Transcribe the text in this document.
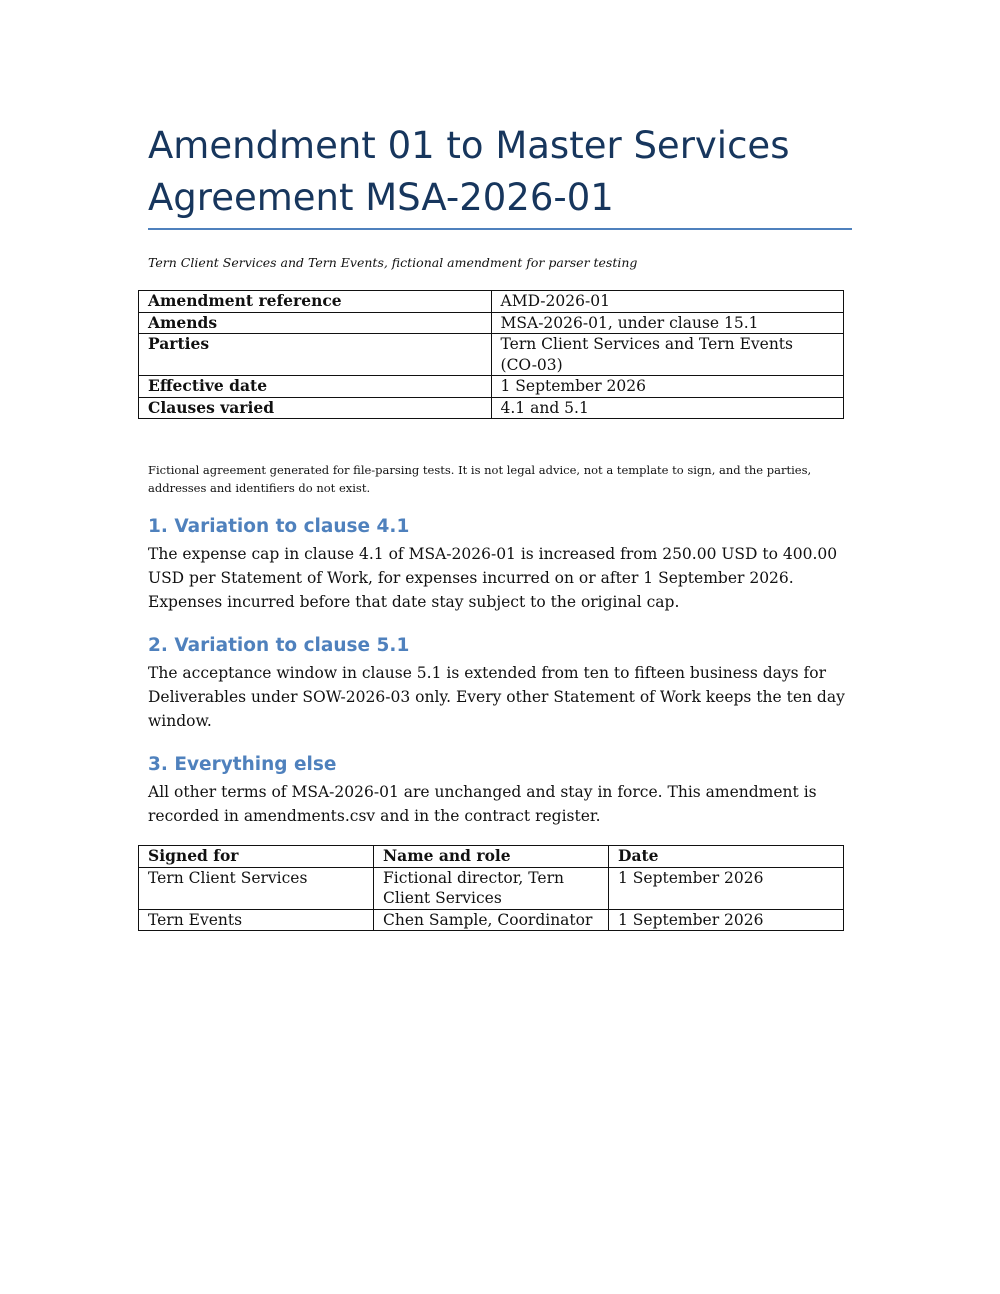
Amendment 01 to Master Services Agreement MSA-2026-01
Tern Client Services and Tern Events, fictional amendment for parser testing
Amendment reference	AMD-2026-01
Amends	MSA-2026-01, under clause 15.1
Parties	Tern Client Services and Tern Events (CO-03)
Effective date	1 September 2026
Clauses varied	4.1 and 5.1
Fictional agreement generated for file-parsing tests. It is not legal advice, not a template to sign, and the parties, addresses and identifiers do not exist.
1. Variation to clause 4.1

The expense cap in clause 4.1 of MSA-2026-01 is increased from 250.00 USD to 400.00 USD per Statement of Work, for expenses incurred on or after 1 September 2026. Expenses incurred before that date stay subject to the original cap.

2. Variation to clause 5.1

The acceptance window in clause 5.1 is extended from ten to fifteen business days for Deliverables under SOW-2026-03 only. Every other Statement of Work keeps the ten day window.

3. Everything else

All other terms of MSA-2026-01 are unchanged and stay in force. This amendment is recorded in amendments.csv and in the contract register.

Signed for	Name and role	Date
Tern Client Services	Fictional director, Tern Client Services	1 September 2026
Tern Events	Chen Sample, Coordinator	1 September 2026
